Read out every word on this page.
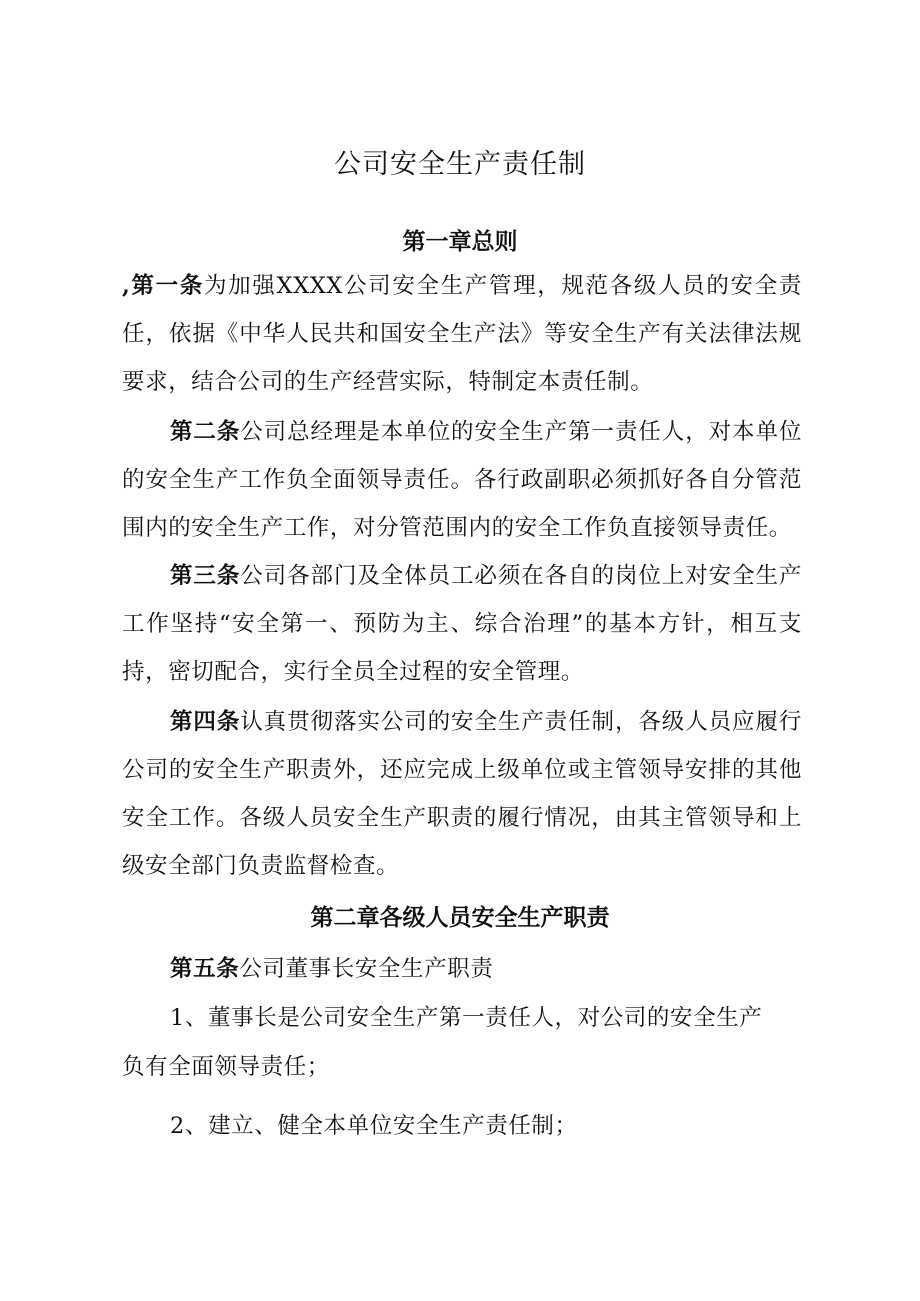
公司安全生产责任制
第一章总则

,第一条为加强XXXX公司安全生产管理，规范各级人员的安全责任，依据《中华人民共和国安全生产法》等安全生产有关法律法规要求，结合公司的生产经营实际，特制定本责任制。

第二条公司总经理是本单位的安全生产第一责任人，对本单位的安全生产工作负全面领导责任。各行政副职必须抓好各自分管范围内的安全生产工作，对分管范围内的安全工作负直接领导责任。

第三条公司各部门及全体员工必须在各自的岗位上对安全生产工作坚持“安全第一、预防为主、综合治理”的基本方针，相互支持，密切配合，实行全员全过程的安全管理。

第四条认真贯彻落实公司的安全生产责任制，各级人员应履行公司的安全生产职责外，还应完成上级单位或主管领导安排的其他安全工作。各级人员安全生产职责的履行情况，由其主管领导和上级安全部门负责监督检查。

第二章各级人员安全生产职责

第五条公司董事长安全生产职责

1、董事长是公司安全生产第一责任人，对公司的安全生产

负有全面领导责任；

2、建立、健全本单位安全生产责任制；
